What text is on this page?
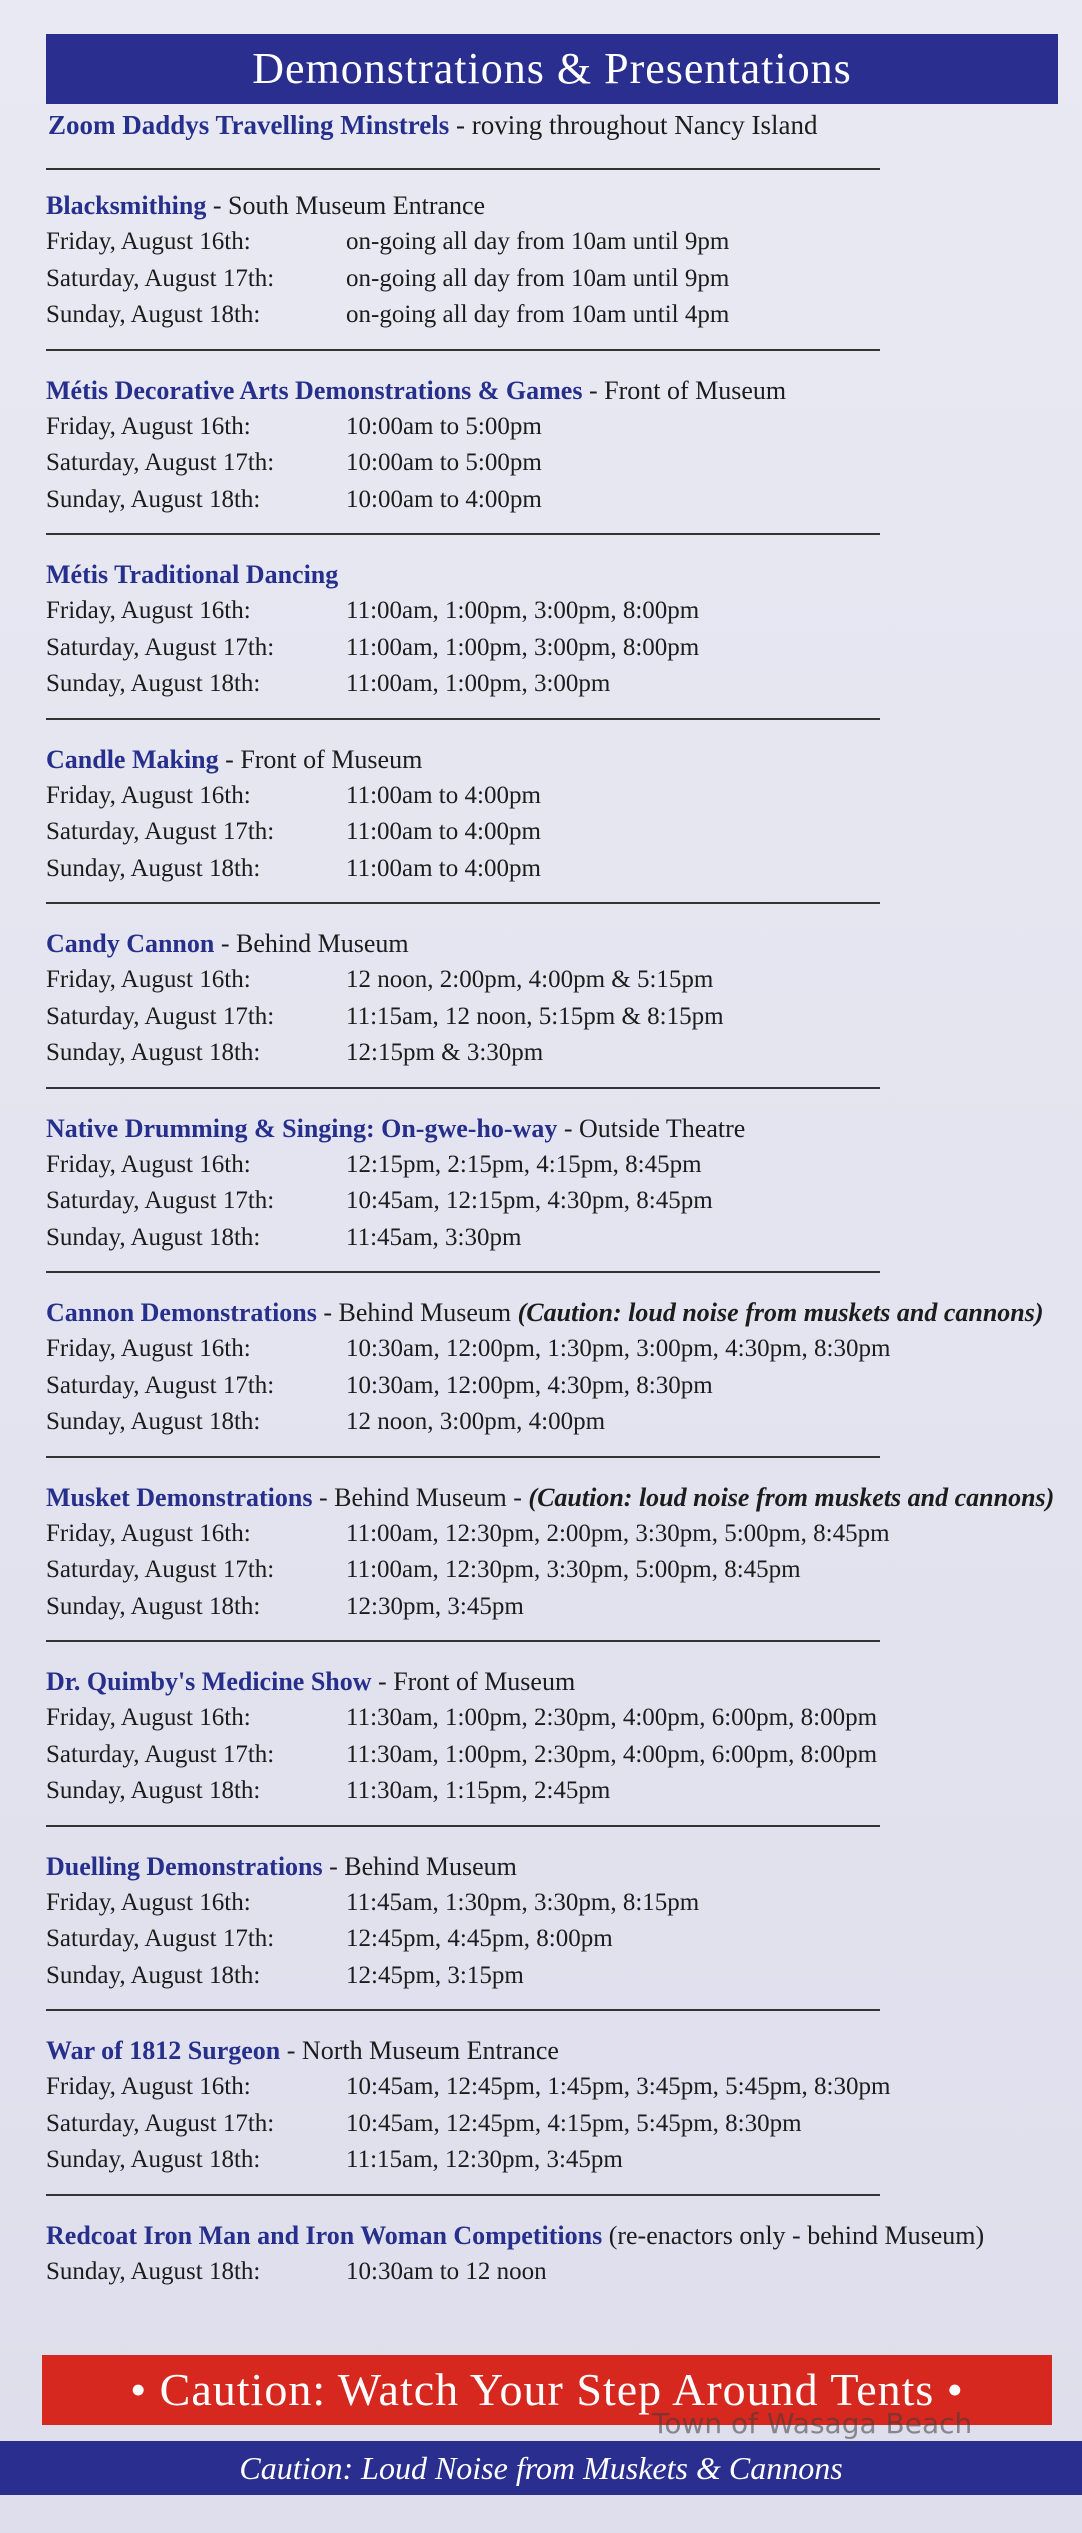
Demonstrations & Presentations
Zoom Daddys Travelling Minstrels - roving throughout Nancy Island
Blacksmithing - South Museum Entrance
Friday, August 16th:	on-going all day from 10am until 9pm
Saturday, August 17th:	on-going all day from 10am until 9pm
Sunday, August 18th:	on-going all day from 10am until 4pm
Métis Decorative Arts Demonstrations & Games - Front of Museum
Friday, August 16th:	10:00am to 5:00pm
Saturday, August 17th:	10:00am to 5:00pm
Sunday, August 18th:	10:00am to 4:00pm
Métis Traditional Dancing
Friday, August 16th:	11:00am, 1:00pm, 3:00pm, 8:00pm
Saturday, August 17th:	11:00am, 1:00pm, 3:00pm, 8:00pm
Sunday, August 18th:	11:00am, 1:00pm, 3:00pm
Candle Making - Front of Museum
Friday, August 16th:	11:00am to 4:00pm
Saturday, August 17th:	11:00am to 4:00pm
Sunday, August 18th:	11:00am to 4:00pm
Candy Cannon - Behind Museum
Friday, August 16th:	12 noon, 2:00pm, 4:00pm & 5:15pm
Saturday, August 17th:	11:15am, 12 noon, 5:15pm & 8:15pm
Sunday, August 18th:	12:15pm & 3:30pm
Native Drumming & Singing: On-gwe-ho-way - Outside Theatre
Friday, August 16th:	12:15pm, 2:15pm, 4:15pm, 8:45pm
Saturday, August 17th:	10:45am, 12:15pm, 4:30pm, 8:45pm
Sunday, August 18th:	11:45am, 3:30pm
Cannon Demonstrations - Behind Museum (Caution: loud noise from muskets and cannons)
Friday, August 16th:	10:30am, 12:00pm, 1:30pm, 3:00pm, 4:30pm, 8:30pm
Saturday, August 17th:	10:30am, 12:00pm, 4:30pm, 8:30pm
Sunday, August 18th:	12 noon, 3:00pm, 4:00pm
Musket Demonstrations - Behind Museum - (Caution: loud noise from muskets and cannons)
Friday, August 16th:	11:00am, 12:30pm, 2:00pm, 3:30pm, 5:00pm, 8:45pm
Saturday, August 17th:	11:00am, 12:30pm, 3:30pm, 5:00pm, 8:45pm
Sunday, August 18th:	12:30pm, 3:45pm
Dr. Quimby's Medicine Show - Front of Museum
Friday, August 16th:	11:30am, 1:00pm, 2:30pm, 4:00pm, 6:00pm, 8:00pm
Saturday, August 17th:	11:30am, 1:00pm, 2:30pm, 4:00pm, 6:00pm, 8:00pm
Sunday, August 18th:	11:30am, 1:15pm, 2:45pm
Duelling Demonstrations - Behind Museum
Friday, August 16th:	11:45am, 1:30pm, 3:30pm, 8:15pm
Saturday, August 17th:	12:45pm, 4:45pm, 8:00pm
Sunday, August 18th:	12:45pm, 3:15pm
War of 1812 Surgeon - North Museum Entrance
Friday, August 16th:	10:45am, 12:45pm, 1:45pm, 3:45pm, 5:45pm, 8:30pm
Saturday, August 17th:	10:45am, 12:45pm, 4:15pm, 5:45pm, 8:30pm
Sunday, August 18th:	11:15am, 12:30pm, 3:45pm
Redcoat Iron Man and Iron Woman Competitions (re-enactors only - behind Museum)
Sunday, August 18th:	10:30am to 12 noon
• Caution: Watch Your Step Around Tents •
Town of Wasaga Beach
Caution: Loud Noise from Muskets & Cannons
